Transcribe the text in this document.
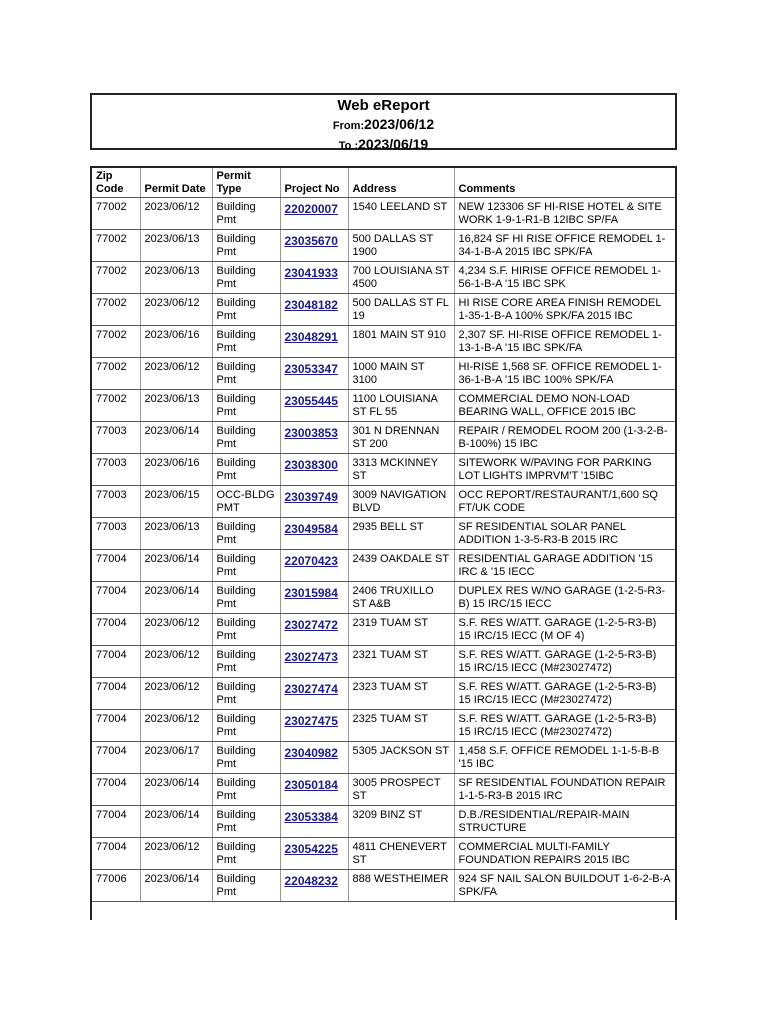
Web eReport
From:2023/06/12
To :2023/06/19
Zip Code	Permit Date	Permit Type	Project No	Address	Comments
77002	2023/06/12	Building Pmt	22020007	1540 LEELAND ST	NEW 123306 SF HI-RISE HOTEL & SITE WORK 1-9-1-R1-B 12IBC SP/FA
77002	2023/06/13	Building Pmt	23035670	500 DALLAS ST 1900	16,824 SF HI RISE OFFICE REMODEL 1-34-1-B-A 2015 IBC SPK/FA
77002	2023/06/13	Building Pmt	23041933	700 LOUISIANA ST 4500	4,234 S.F. HIRISE OFFICE REMODEL 1-56-1-B-A '15 IBC SPK
77002	2023/06/12	Building Pmt	23048182	500 DALLAS ST FL 19	HI RISE CORE AREA FINISH REMODEL 1-35-1-B-A 100% SPK/FA 2015 IBC
77002	2023/06/16	Building Pmt	23048291	1801 MAIN ST 910	2,307 SF. HI-RISE OFFICE REMODEL 1-13-1-B-A '15 IBC SPK/FA
77002	2023/06/12	Building Pmt	23053347	1000 MAIN ST 3100	HI-RISE 1,568 SF. OFFICE REMODEL 1-36-1-B-A '15 IBC 100% SPK/FA
77002	2023/06/13	Building Pmt	23055445	1100 LOUISIANA ST FL 55	COMMERCIAL DEMO NON-LOAD BEARING WALL, OFFICE 2015 IBC
77003	2023/06/14	Building Pmt	23003853	301 N DRENNAN ST 200	REPAIR / REMODEL ROOM 200 (1-3-2-B-B-100%) 15 IBC
77003	2023/06/16	Building Pmt	23038300	3313 MCKINNEY ST	SITEWORK W/PAVING FOR PARKING LOT LIGHTS IMPRVM'T '15IBC
77003	2023/06/15	OCC-BLDG PMT	23039749	3009 NAVIGATION BLVD	OCC REPORT/RESTAURANT/1,600 SQ FT/UK CODE
77003	2023/06/13	Building Pmt	23049584	2935 BELL ST	SF RESIDENTIAL SOLAR PANEL ADDITION 1-3-5-R3-B 2015 IRC
77004	2023/06/14	Building Pmt	22070423	2439 OAKDALE ST	RESIDENTIAL GARAGE ADDITION '15 IRC & '15 IECC
77004	2023/06/14	Building Pmt	23015984	2406 TRUXILLO ST A&B	DUPLEX RES W/NO GARAGE (1-2-5-R3-B) 15 IRC/15 IECC
77004	2023/06/12	Building Pmt	23027472	2319 TUAM ST	S.F. RES W/ATT. GARAGE (1-2-5-R3-B) 15 IRC/15 IECC (M OF 4)
77004	2023/06/12	Building Pmt	23027473	2321 TUAM ST	S.F. RES W/ATT. GARAGE (1-2-5-R3-B) 15 IRC/15 IECC (M#23027472)
77004	2023/06/12	Building Pmt	23027474	2323 TUAM ST	S.F. RES W/ATT. GARAGE (1-2-5-R3-B) 15 IRC/15 IECC (M#23027472)
77004	2023/06/12	Building Pmt	23027475	2325 TUAM ST	S.F. RES W/ATT. GARAGE (1-2-5-R3-B) 15 IRC/15 IECC (M#23027472)
77004	2023/06/17	Building Pmt	23040982	5305 JACKSON ST	1,458 S.F. OFFICE REMODEL 1-1-5-B-B '15 IBC
77004	2023/06/14	Building Pmt	23050184	3005 PROSPECT ST	SF RESIDENTIAL FOUNDATION REPAIR 1-1-5-R3-B 2015 IRC
77004	2023/06/14	Building Pmt	23053384	3209 BINZ ST	D.B./RESIDENTIAL/REPAIR-MAIN STRUCTURE
77004	2023/06/12	Building Pmt	23054225	4811 CHENEVERT ST	COMMERCIAL MULTI-FAMILY FOUNDATION REPAIRS 2015 IBC
77006	2023/06/14	Building Pmt	22048232	888 WESTHEIMER	924 SF NAIL SALON BUILDOUT 1-6-2-B-A SPK/FA
